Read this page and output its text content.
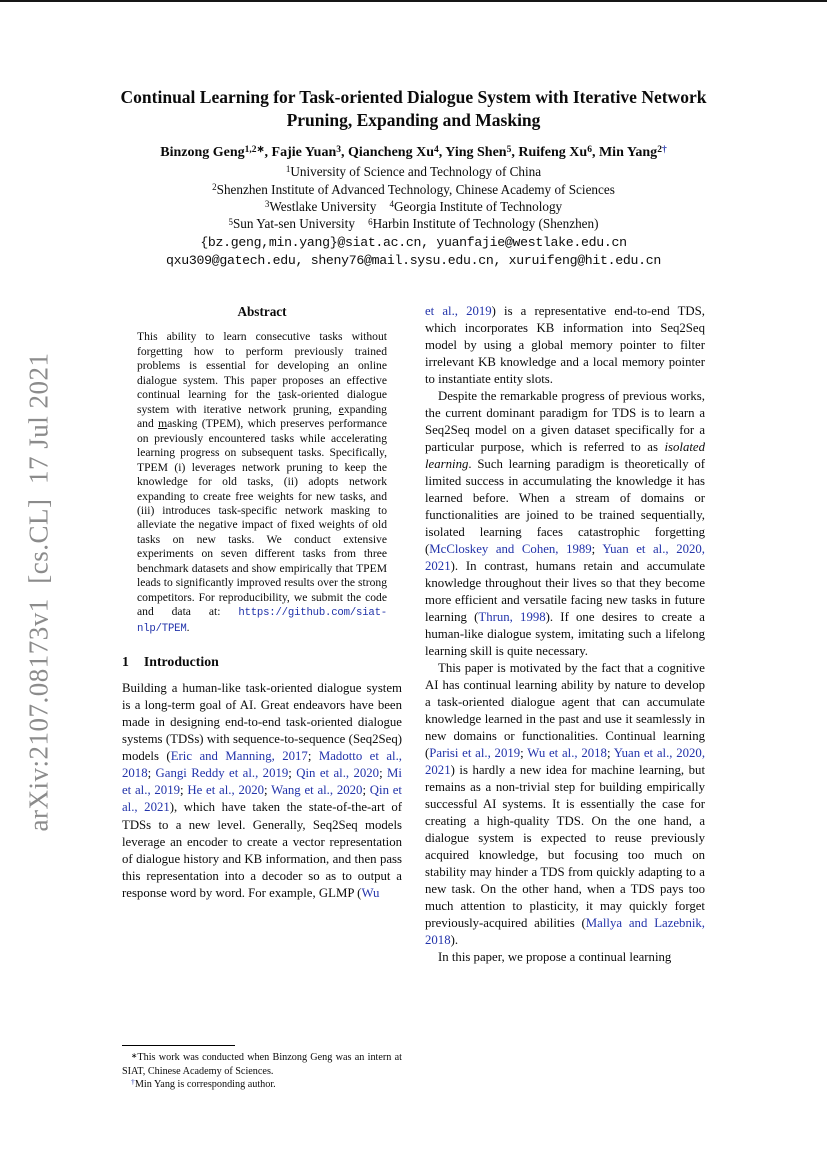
arXiv:2107.08173v1  [cs.CL]  17 Jul 2021
Continual Learning for Task-oriented Dialogue System with Iterative Network Pruning, Expanding and Masking

Binzong Geng$^{1,2∗}$, Fajie Yuan$^3$, Qiancheng Xu$^4$, Ying Shen$^5$, Ruifeng Xu$^6$, Min Yang$^{2\dagger}$

$^1$University of Science and Technology of China

$^2$Shenzhen Institute of Advanced Technology, Chinese Academy of Sciences

$^3$Westlake University  $^4$Georgia Institute of Technology

$^5$Sun Yat-sen University  $^6$Harbin Institute of Technology (Shenzhen)

{bz.geng,min.yang}@siat.ac.cn, yuanfajie@westlake.edu.cn

qxu309@gatech.edu, sheny76@mail.sysu.edu.cn, xuruifeng@hit.edu.cn

Abstract

This ability to learn consecutive tasks without forgetting how to perform previously trained problems is essential for developing an online dialogue system. This paper proposes an effective continual learning for the task-oriented dialogue system with iterative network pruning, expanding and masking (TPEM), which preserves performance on previously encountered tasks while accelerating learning progress on subsequent tasks. Specifically, TPEM (i) leverages network pruning to keep the knowledge for old tasks, (ii) adopts network expanding to create free weights for new tasks, and (iii) introduces task-specific network masking to alleviate the negative impact of fixed weights of old tasks on new tasks. We conduct extensive experiments on seven different tasks from three benchmark datasets and show empirically that TPEM leads to significantly improved results over the strong competitors. For reproducibility, we submit the code and data at: https://github.com/siat-nlp/TPEM.

1 Introduction

Building a human-like task-oriented dialogue system is a long-term goal of AI. Great endeavors have been made in designing end-to-end task-oriented dialogue systems (TDSs) with sequence-to-sequence (Seq2Seq) models (Eric and Manning, 2017; Madotto et al., 2018; Gangi Reddy et al., 2019; Qin et al., 2020; Mi et al., 2019; He et al., 2020; Wang et al., 2020; Qin et al., 2021), which have taken the state-of-the-art of TDSs to a new level. Generally, Seq2Seq models leverage an encoder to create a vector representation of dialogue history and KB information, and then pass this representation into a decoder so as to output a response word by word. For example, GLMP (Wu

∗This work was conducted when Binzong Geng was an intern at SIAT, Chinese Academy of Sciences.

†Min Yang is corresponding author.

et al., 2019) is a representative end-to-end TDS, which incorporates KB information into Seq2Seq model by using a global memory pointer to filter irrelevant KB knowledge and a local memory pointer to instantiate entity slots.

Despite the remarkable progress of previous works, the current dominant paradigm for TDS is to learn a Seq2Seq model on a given dataset specifically for a particular purpose, which is referred to as isolated learning. Such learning paradigm is theoretically of limited success in accumulating the knowledge it has learned before. When a stream of domains or functionalities are joined to be trained sequentially, isolated learning faces catastrophic forgetting (McCloskey and Cohen, 1989; Yuan et al., 2020, 2021). In contrast, humans retain and accumulate knowledge throughout their lives so that they become more efficient and versatile facing new tasks in future learning (Thrun, 1998). If one desires to create a human-like dialogue system, imitating such a lifelong learning skill is quite necessary.

This paper is motivated by the fact that a cognitive AI has continual learning ability by nature to develop a task-oriented dialogue agent that can accumulate knowledge learned in the past and use it seamlessly in new domains or functionalities. Continual learning (Parisi et al., 2019; Wu et al., 2018; Yuan et al., 2020, 2021) is hardly a new idea for machine learning, but remains as a non-trivial step for building empirically successful AI systems. It is essentially the case for creating a high-quality TDS. On the one hand, a dialogue system is expected to reuse previously acquired knowledge, but focusing too much on stability may hinder a TDS from quickly adapting to a new task. On the other hand, when a TDS pays too much attention to plasticity, it may quickly forget previously-acquired abilities (Mallya and Lazebnik, 2018).

In this paper, we propose a continual learning
